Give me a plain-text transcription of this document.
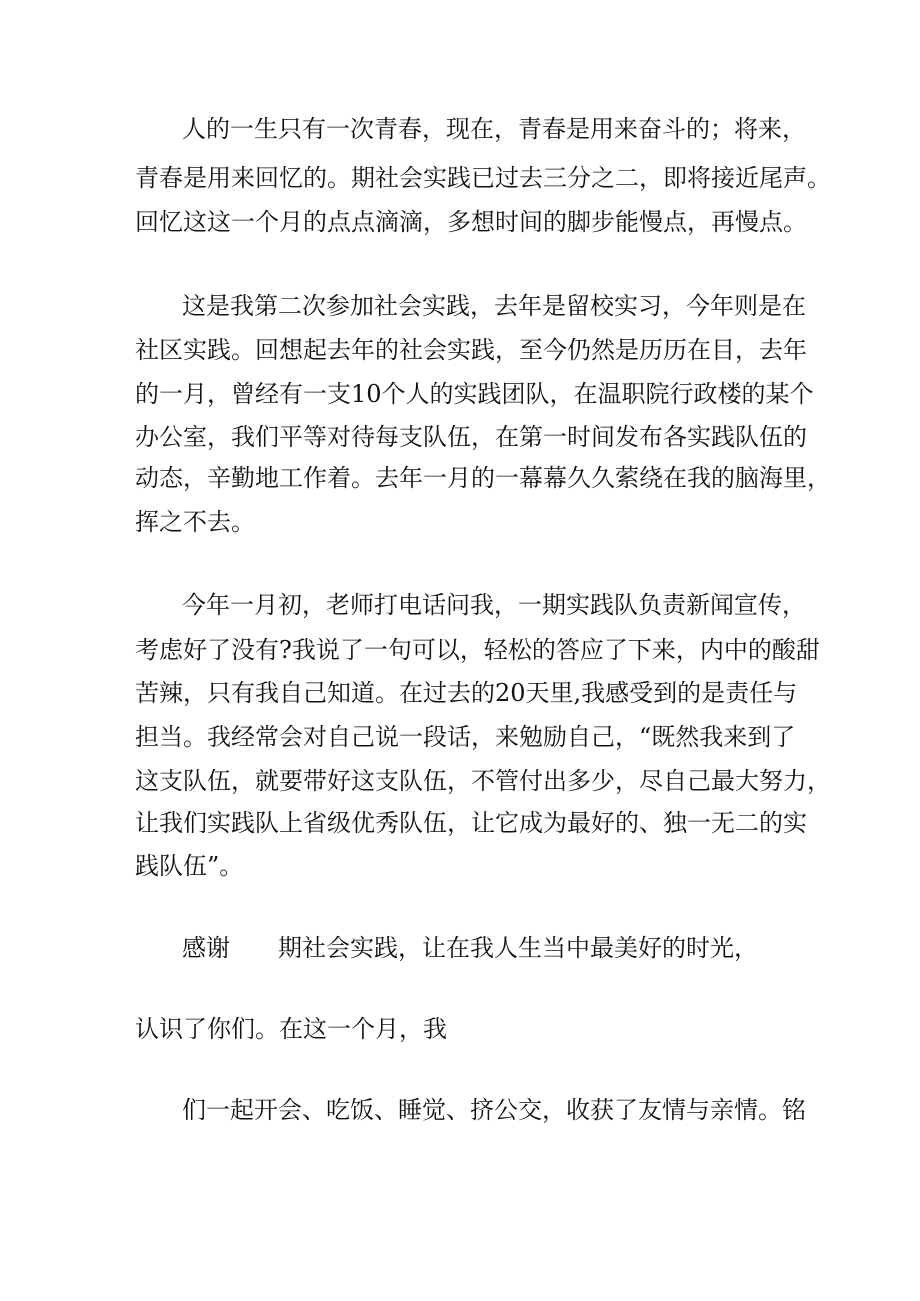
人的一生只有一次青春，现在，青春是用来奋斗的；将来，

青春是用来回忆的。期社会实践已过去三分之二，即将接近尾声。

回忆这这一个月的点点滴滴，多想时间的脚步能慢点，再慢点。

这是我第二次参加社会实践，去年是留校实习，今年则是在

社区实践。回想起去年的社会实践，至今仍然是历历在目，去年

的一月，曾经有一支10个人的实践团队，在温职院行政楼的某个

办公室，我们平等对待每支队伍，在第一时间发布各实践队伍的

动态，辛勤地工作着。去年一月的一幕幕久久萦绕在我的脑海里，

挥之不去。

今年一月初，老师打电话问我，一期实践队负责新闻宣传，

考虑好了没有?我说了一句可以，轻松的答应了下来，内中的酸甜

苦辣，只有我自己知道。在过去的20天里,我感受到的是责任与

担当。我经常会对自己说一段话，来勉励自己，“既然我来到了

这支队伍，就要带好这支队伍，不管付出多少，尽自己最大努力，

让我们实践队上省级优秀队伍，让它成为最好的、独一无二的实

践队伍”。

感谢　　期社会实践，让在我人生当中最美好的时光，

认识了你们。在这一个月，我

们一起开会、吃饭、睡觉、挤公交，收获了友情与亲情。铭
